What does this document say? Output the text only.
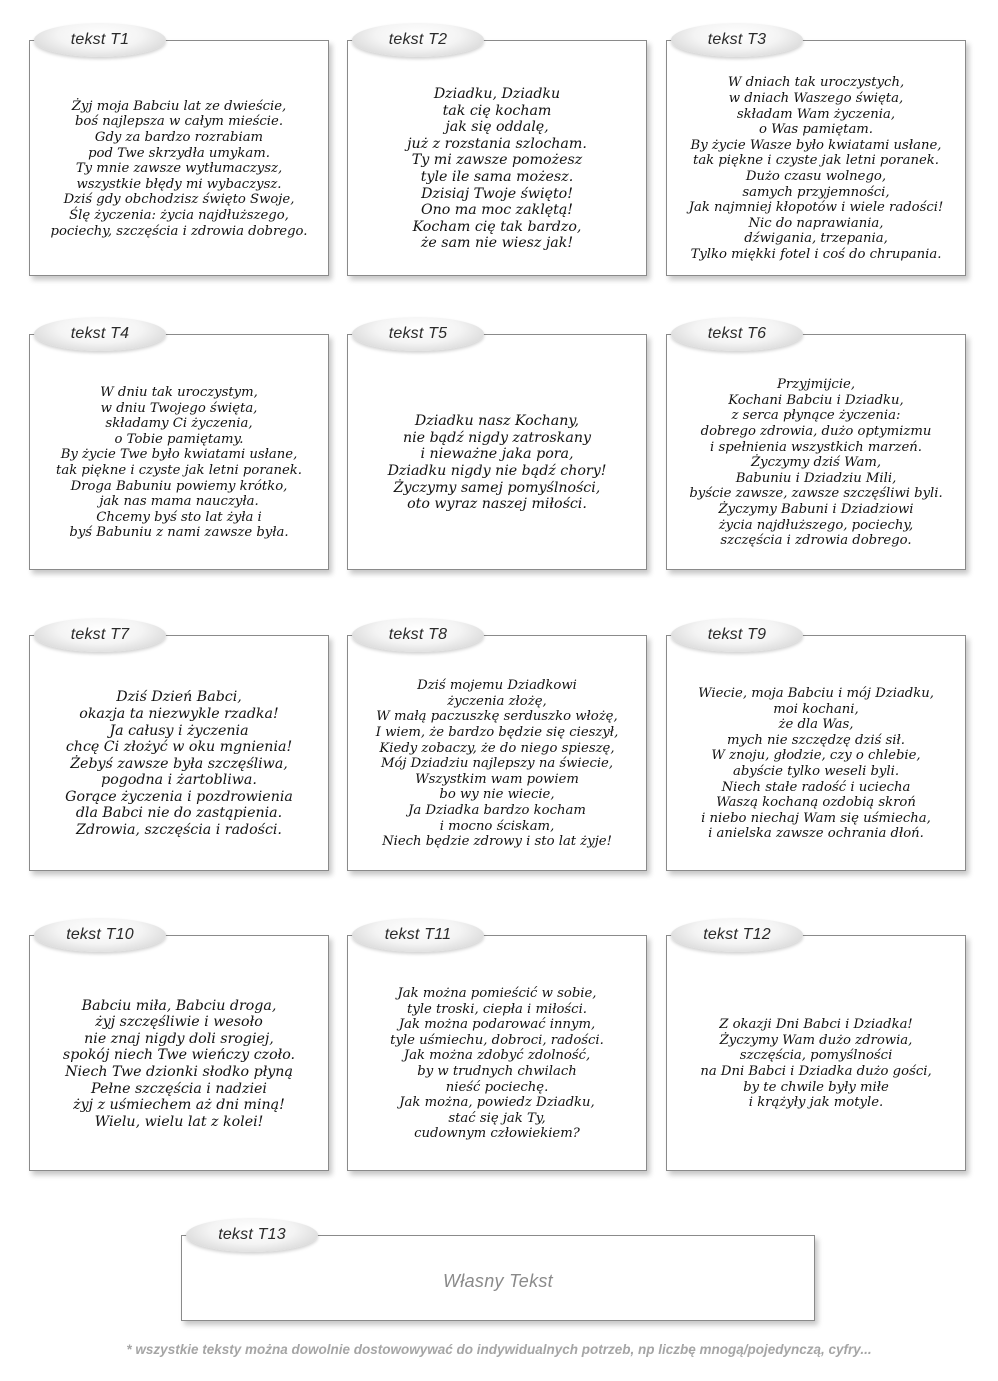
tekst T1

Żyj moja Babciu lat ze dwieście,
boś najlepsza w całym mieście.
Gdy za bardzo rozrabiam
pod Twe skrzydła umykam.
Ty mnie zawsze wytłumaczysz,
wszystkie błędy mi wybaczysz.
Dziś gdy obchodzisz święto Swoje,
Ślę życzenia: życia najdłuższego,
pociechy, szczęścia i zdrowia dobrego.

tekst T2

Dziadku, Dziadku
tak cię kocham
jak się oddalę,
już z rozstania szlocham.
Ty mi zawsze pomożesz
tyle ile sama możesz.
Dzisiaj Twoje święto!
Ono ma moc zaklętą!
Kocham cię tak bardzo,
że sam nie wiesz jak!

tekst T3

W dniach tak uroczystych,
w dniach Waszego święta,
składam Wam życzenia,
o Was pamiętam.
By życie Wasze było kwiatami usłane,
tak piękne i czyste jak letni poranek.
Dużo czasu wolnego,
samych przyjemności,
Jak najmniej kłopotów i wiele radości!
Nic do naprawiania,
dźwigania, trzepania,
Tylko miękki fotel i coś do chrupania.

tekst T4

W dniu tak uroczystym,
w dniu Twojego święta,
składamy Ci życzenia,
o Tobie pamiętamy.
By życie Twe było kwiatami usłane,
tak piękne i czyste jak letni poranek.
Droga Babuniu powiemy krótko,
jak nas mama nauczyła.
Chcemy byś sto lat żyła i
byś Babuniu z nami zawsze była.

tekst T5

Dziadku nasz Kochany,
nie bądź nigdy zatroskany
i nieważne jaka pora,
Dziadku nigdy nie bądź chory!
Życzymy samej pomyślności,
oto wyraz naszej miłości.

tekst T6

Przyjmijcie,
Kochani Babciu i Dziadku,
z serca płynące życzenia:
dobrego zdrowia, dużo optymizmu
i spełnienia wszystkich marzeń.
Życzymy dziś Wam,
Babuniu i Dziadziu Mili,
byście zawsze, zawsze szczęśliwi byli.
Życzymy Babuni i Dziadziowi
życia najdłuższego, pociechy,
szczęścia i zdrowia dobrego.

tekst T7

Dziś Dzień Babci,
okazja ta niezwykle rzadka!
Ja całusy i życzenia
chcę Ci złożyć w oku mgnienia!
Żebyś zawsze była szczęśliwa,
pogodna i żartobliwa.
Gorące życzenia i pozdrowienia
dla Babci nie do zastąpienia.
Zdrowia, szczęścia i radości.

tekst T8

Dziś mojemu Dziadkowi
życzenia złożę,
W małą paczuszkę serduszko włożę,
I wiem, że bardzo będzie się cieszył,
Kiedy zobaczy, że do niego spieszę,
Mój Dziadziu najlepszy na świecie,
Wszystkim wam powiem
bo wy nie wiecie,
Ja Dziadka bardzo kocham
i mocno ściskam,
Niech będzie zdrowy i sto lat żyje!

tekst T9

Wiecie, moja Babciu i mój Dziadku,
moi kochani,
że dla Was,
mych nie szczędzę dziś sił.
W znoju, głodzie, czy o chlebie,
abyście tylko weseli byli.
Niech stałe radość i uciecha
Waszą kochaną ozdobią skroń
i niebo niechaj Wam się uśmiecha,
i anielska zawsze ochrania dłoń.

tekst T10

Babciu miła, Babciu droga,
żyj szczęśliwie i wesoło
nie znaj nigdy doli srogiej,
spokój niech Twe wieńczy czoło.
Niech Twe dzionki słodko płyną
Pełne szczęścia i nadziei
żyj z uśmiechem aż dni miną!
Wielu, wielu lat z kolei!

tekst T11

Jak można pomieścić w sobie,
tyle troski, ciepła i miłości.
Jak można podarować innym,
tyle uśmiechu, dobroci, radości.
Jak można zdobyć zdolność,
by w trudnych chwilach
nieść pociechę.
Jak można, powiedz Dziadku,
stać się jak Ty,
cudownym człowiekiem?

tekst T12

Z okazji Dni Babci i Dziadka!
Życzymy Wam dużo zdrowia,
szczęścia, pomyślności
na Dni Babci i Dziadka dużo gości,
by te chwile były miłe
i krążyły jak motyle.

tekst T13
Własny Tekst
* wszystkie teksty można dowolnie dostowowywać do indywidualnych potrzeb, np liczbę mnogą/pojedynczą, cyfry...
